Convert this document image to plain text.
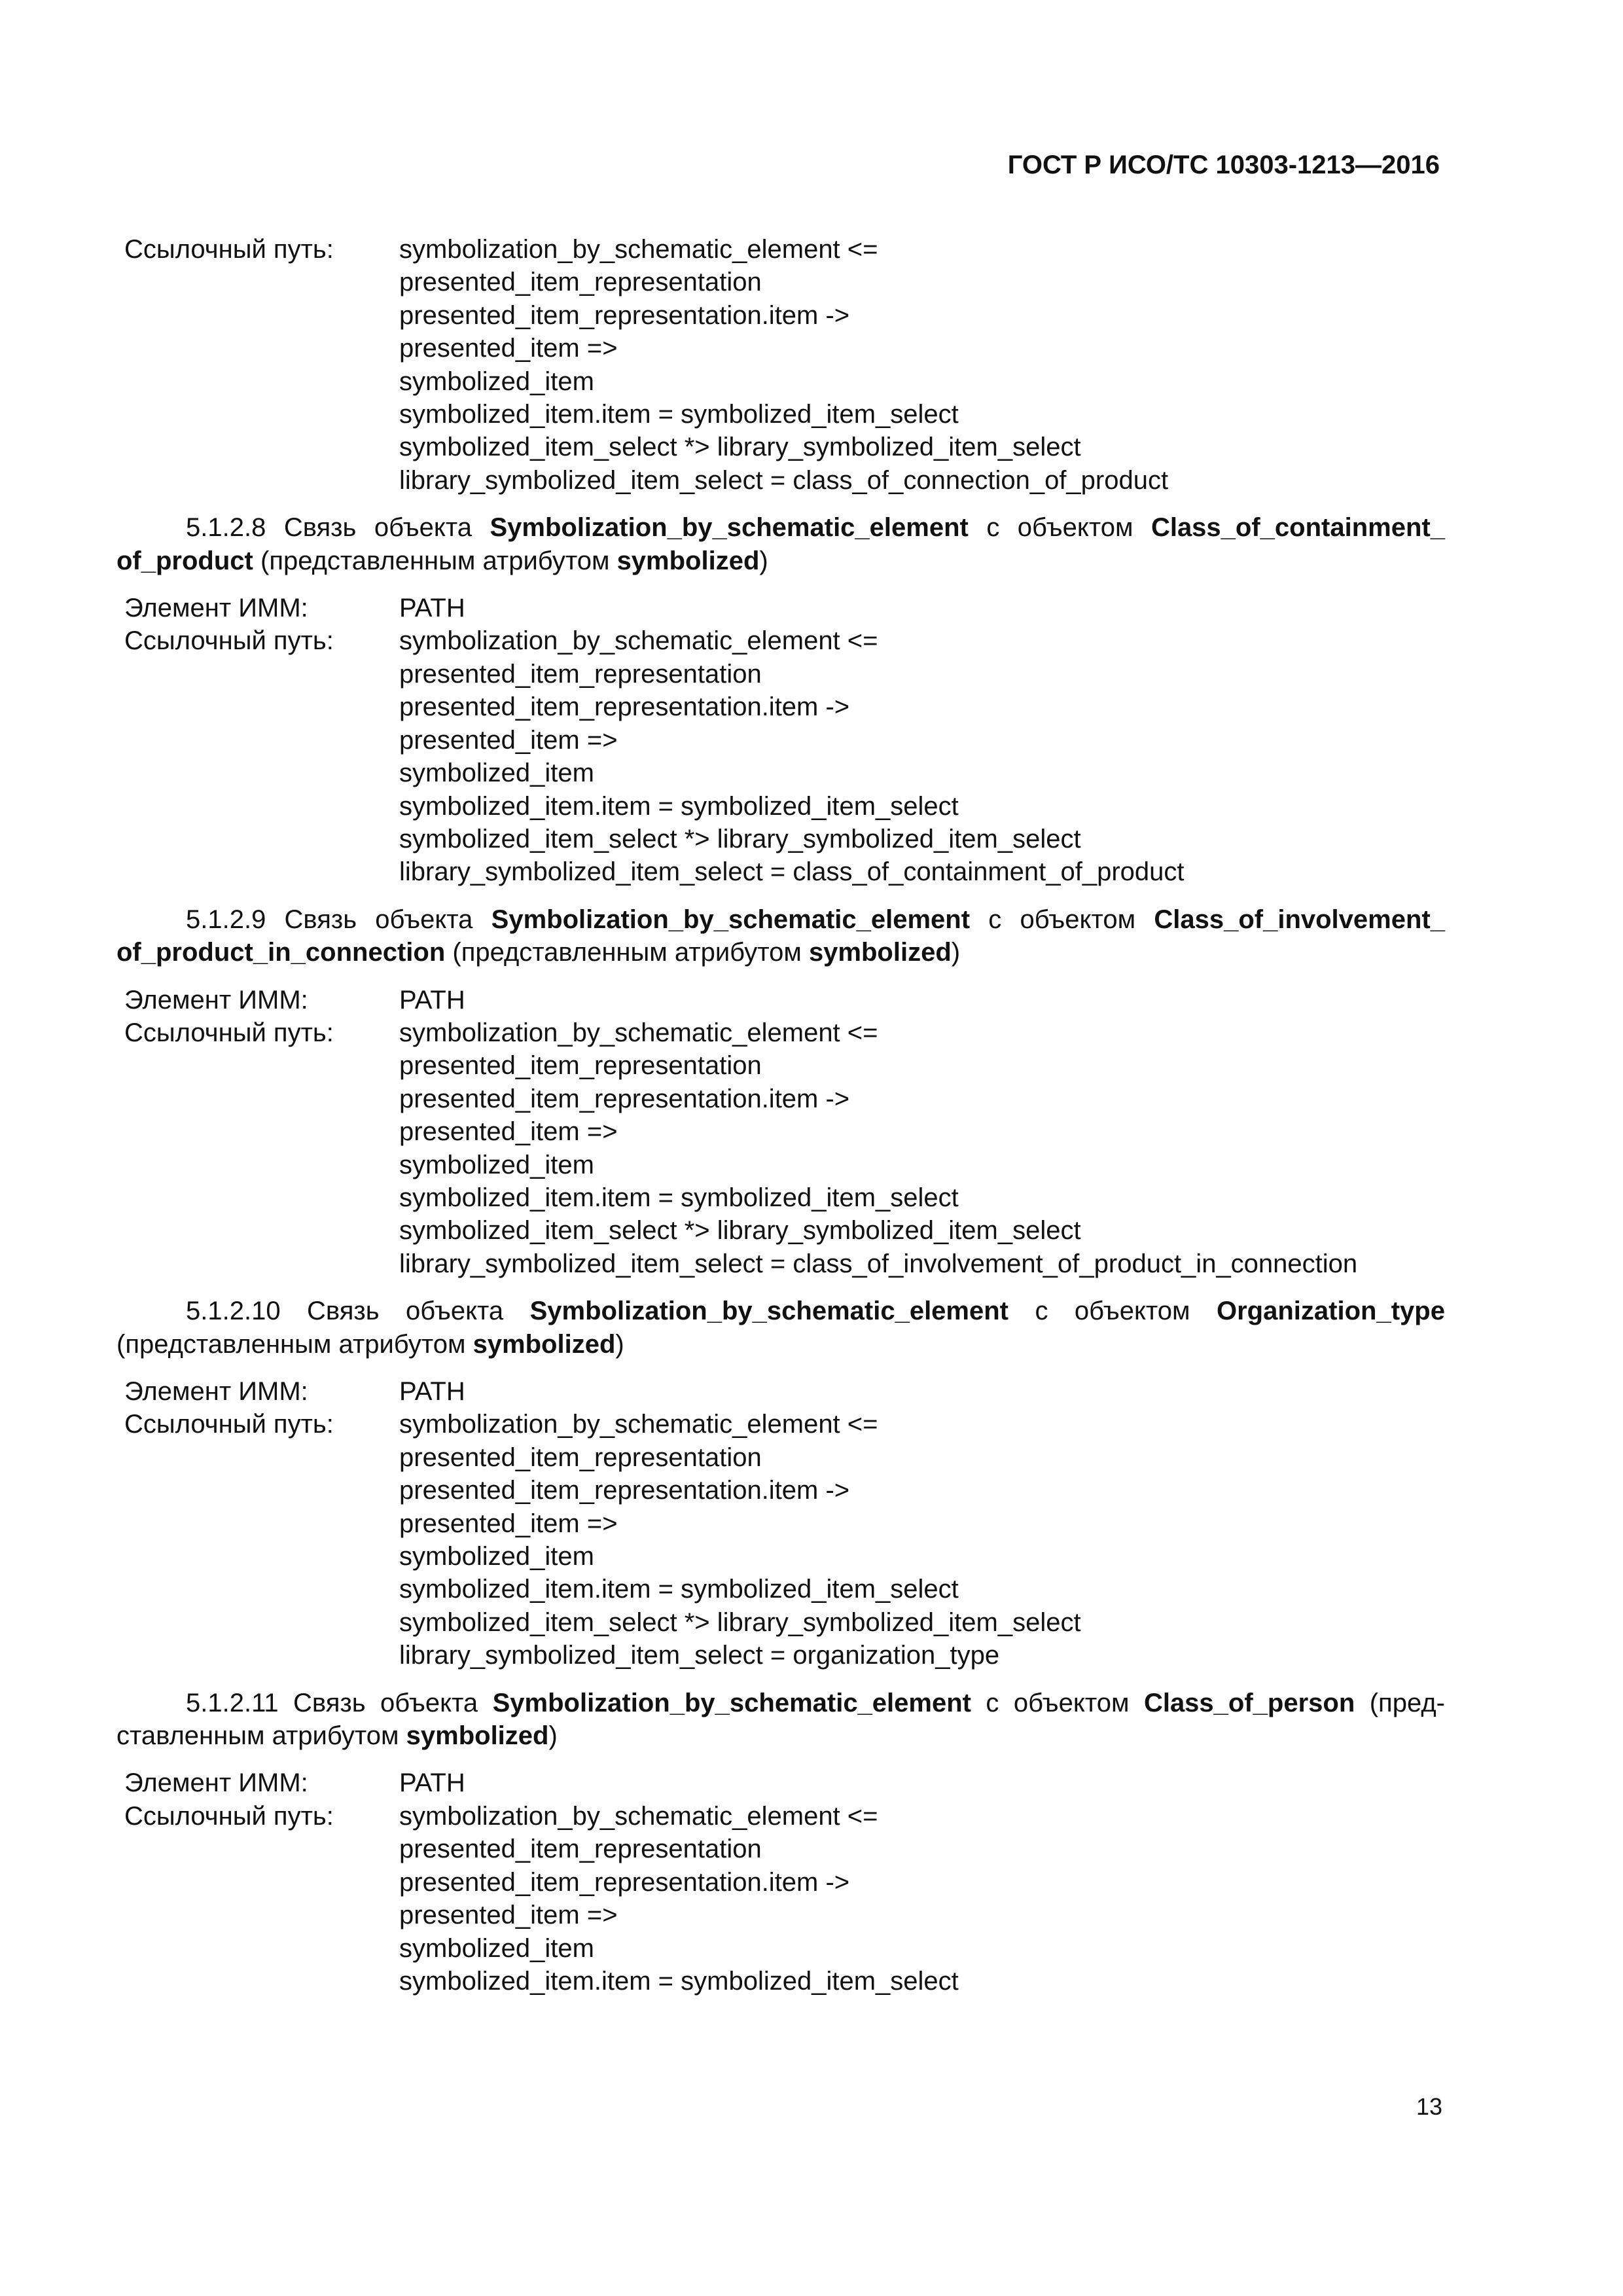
ГОСТ Р ИСО/ТС 10303-1213—2016
Ссылочный путь:	symbolization_by_schematic_element <=
presented_item_representation
presented_item_representation.item ->
presented_item =>
symbolized_item
symbolized_item.item = symbolized_item_select
symbolized_item_select *> library_symbolized_item_select
library_symbolized_item_select = class_of_connection_of_product
5.1.2.8 Связь объекта Symbolization_by_schematic_element с объектом Class_of_containment_ of_product (представленным атрибутом symbolized)
Элемент ИММ:	PATH
Ссылочный путь:	symbolization_by_schematic_element <=
presented_item_representation
presented_item_representation.item ->
presented_item =>
symbolized_item
symbolized_item.item = symbolized_item_select
symbolized_item_select *> library_symbolized_item_select
library_symbolized_item_select = class_of_containment_of_product
5.1.2.9 Связь объекта Symbolization_by_schematic_element с объектом Class_of_involvement_ of_product_in_connection (представленным атрибутом symbolized)
Элемент ИММ:	PATH
Ссылочный путь:	symbolization_by_schematic_element <=
presented_item_representation
presented_item_representation.item ->
presented_item =>
symbolized_item
symbolized_item.item = symbolized_item_select
symbolized_item_select *> library_symbolized_item_select
library_symbolized_item_select = class_of_involvement_of_product_in_connection
5.1.2.10 Связь объекта Symbolization_by_schematic_element с объектом Organization_type (представленным атрибутом symbolized)
Элемент ИММ:	PATH
Ссылочный путь:	symbolization_by_schematic_element <=
presented_item_representation
presented_item_representation.item ->
presented_item =>
symbolized_item
symbolized_item.item = symbolized_item_select
symbolized_item_select *> library_symbolized_item_select
library_symbolized_item_select = organization_type
5.1.2.11 Связь объекта Symbolization_by_schematic_element с объектом Class_of_person (пред-ставленным атрибутом symbolized)
Элемент ИММ:	PATH
Ссылочный путь:	symbolization_by_schematic_element <=
presented_item_representation
presented_item_representation.item ->
presented_item =>
symbolized_item
symbolized_item.item = symbolized_item_select
13
